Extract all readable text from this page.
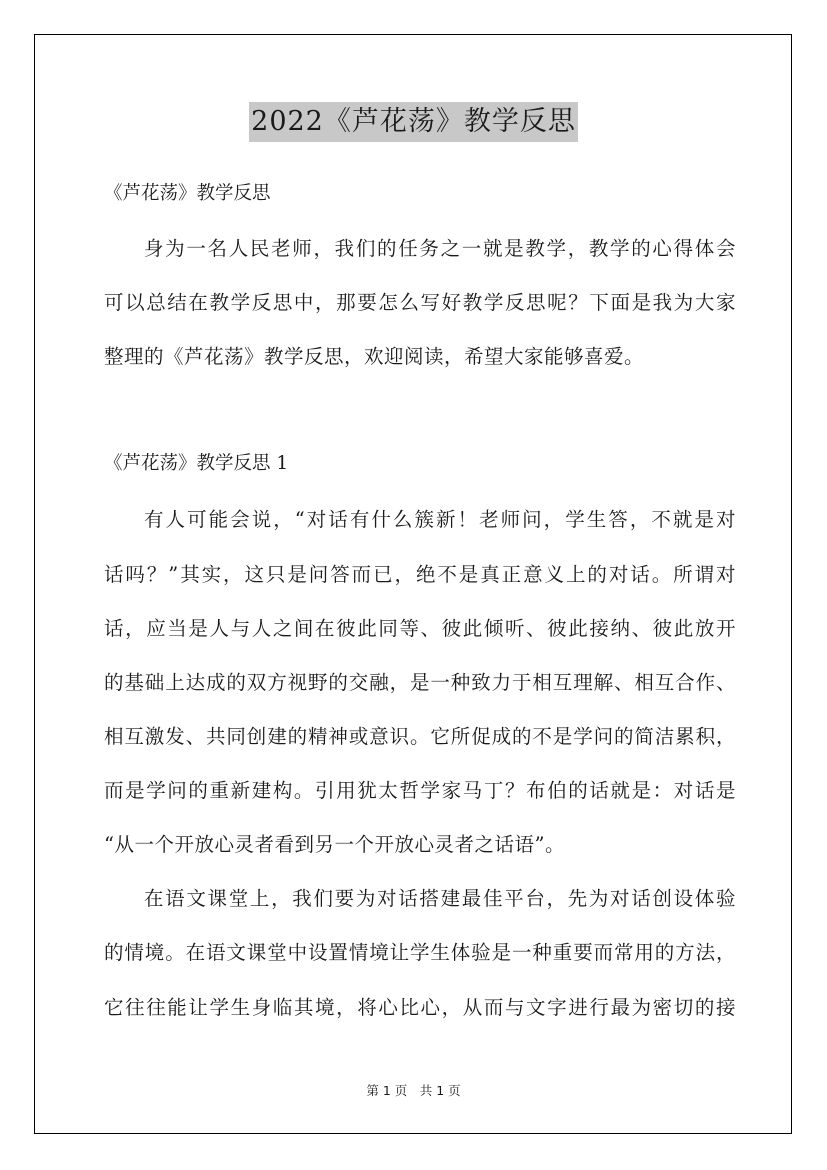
2022《芦花荡》教学反思
《芦花荡》教学反思
身为一名人民老师，我们的任务之一就是教学，教学的心得体会
可以总结在教学反思中，那要怎么写好教学反思呢？下面是我为大家
整理的《芦花荡》教学反思，欢迎阅读，希望大家能够喜爱。
《芦花荡》教学反思 1
有人可能会说，“对话有什么簇新！老师问，学生答，不就是对
话吗？”其实，这只是问答而已，绝不是真正意义上的对话。所谓对
话，应当是人与人之间在彼此同等、彼此倾听、彼此接纳、彼此放开
的基础上达成的双方视野的交融，是一种致力于相互理解、相互合作、
相互激发、共同创建的精神或意识。它所促成的不是学问的简洁累积，
而是学问的重新建构。引用犹太哲学家马丁？布伯的话就是：对话是
“从一个开放心灵者看到另一个开放心灵者之话语”。
在语文课堂上，我们要为对话搭建最佳平台，先为对话创设体验
的情境。在语文课堂中设置情境让学生体验是一种重要而常用的方法，
它往往能让学生身临其境，将心比心，从而与文字进行最为密切的接
第 1 页　共 1 页
